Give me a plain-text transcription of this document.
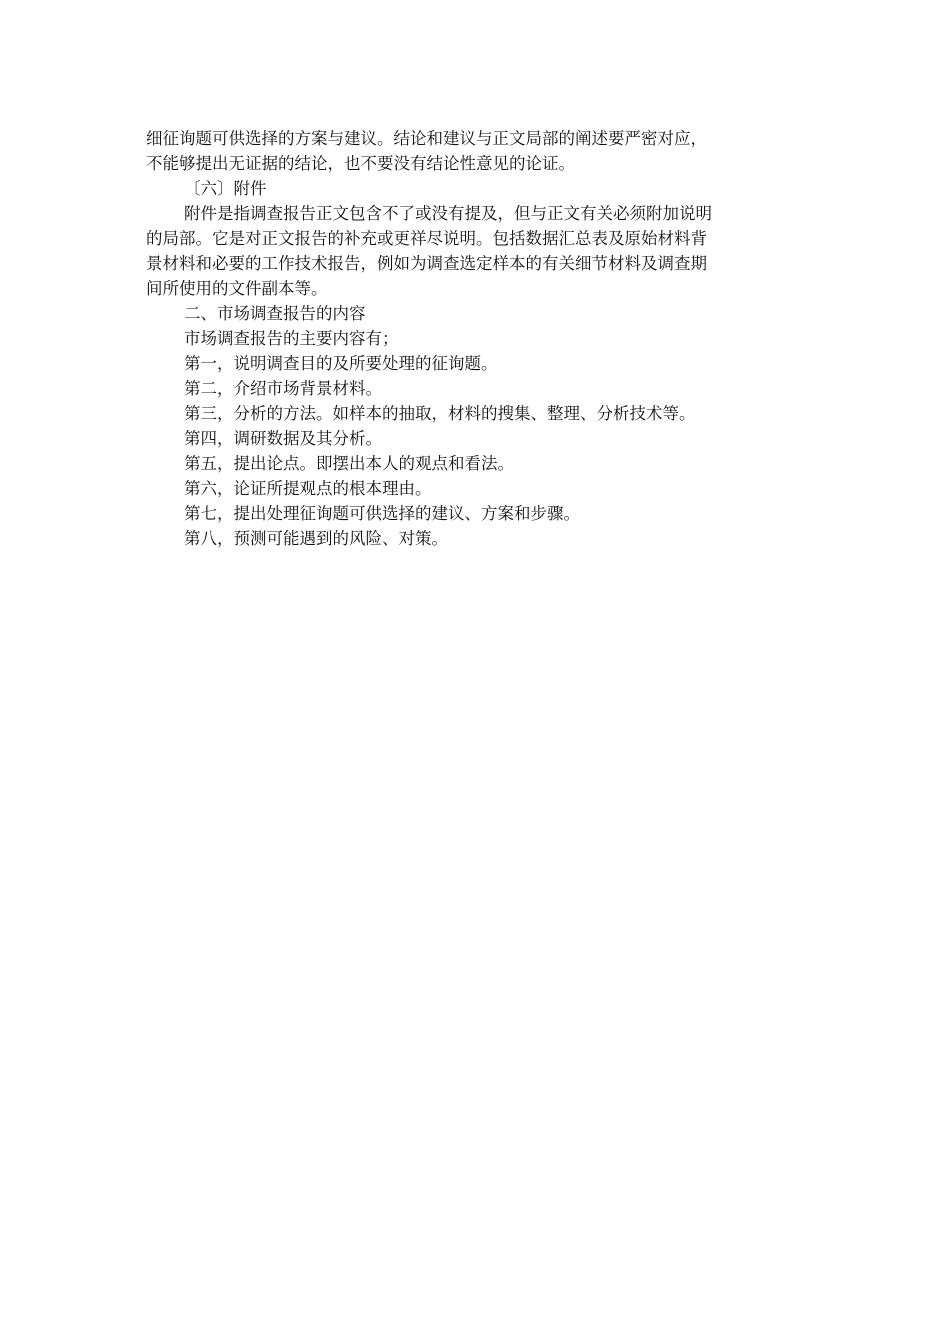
细征询题可供选择的方案与建议。结论和建议与正文局部的阐述要严密对应，
不能够提出无证据的结论，也不要没有结论性意见的论证。

〔六〕附件

附件是指调查报告正文包含不了或没有提及，但与正文有关必须附加说明
的局部。它是对正文报告的补充或更祥尽说明。包括数据汇总表及原始材料背
景材料和必要的工作技术报告，例如为调查选定样本的有关细节材料及调查期
间所使用的文件副本等。

二、市场调查报告的内容

市场调查报告的主要内容有；

第一，说明调查目的及所要处理的征询题。

第二，介绍市场背景材料。

第三，分析的方法。如样本的抽取，材料的搜集、整理、分析技术等。

第四，调研数据及其分析。

第五，提出论点。即摆出本人的观点和看法。

第六，论证所提观点的根本理由。

第七，提出处理征询题可供选择的建议、方案和步骤。

第八，预测可能遇到的风险、对策。
